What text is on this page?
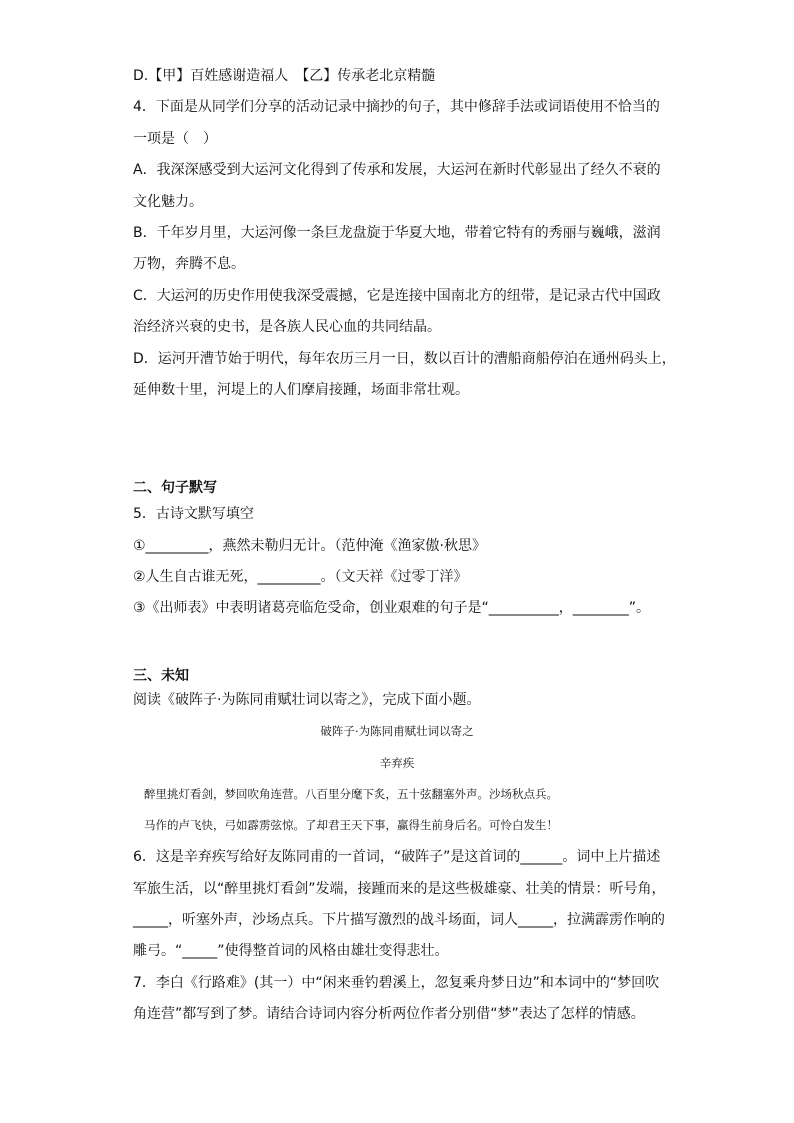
D.【甲】百姓感谢造福人　【乙】传承老北京精髓
4．下面是从同学们分享的活动记录中摘抄的句子，其中修辞手法或词语使用不恰当的
一项是（　）
A．我深深感受到大运河文化得到了传承和发展，大运河在新时代彰显出了经久不衰的
文化魅力。
B．千年岁月里，大运河像一条巨龙盘旋于华夏大地，带着它特有的秀丽与巍峨，滋润
万物，奔腾不息。
C．大运河的历史作用使我深受震撼，它是连接中国南北方的纽带，是记录古代中国政
治经济兴衰的史书，是各族人民心血的共同结晶。
D．运河开漕节始于明代，每年农历三月一日，数以百计的漕船商船停泊在通州码头上，
延伸数十里，河堤上的人们摩肩接踵，场面非常壮观。
二、句子默写
5．古诗文默写填空
①_________，燕然未勒归无计。（范仲淹《渔家傲·秋思》
②人生自古谁无死，_________。（文天祥《过零丁洋》
③《出师表》中表明诸葛亮临危受命，创业艰难的句子是“__________，________”。
三、未知
阅读《破阵子·为陈同甫赋壮词以寄之》，完成下面小题。
破阵子·为陈同甫赋壮词以寄之
辛弃疾
醉里挑灯看剑，梦回吹角连营。八百里分麾下炙，五十弦翻塞外声。沙场秋点兵。
马作的卢飞快，弓如霹雳弦惊。了却君王天下事，赢得生前身后名。可怜白发生！
6．这是辛弃疾写给好友陈同甫的一首词，“破阵子”是这首词的______。词中上片描述
军旅生活，以“醉里挑灯看剑”发端，接踵而来的是这些极雄豪、壮美的情景：听号角，
_____，听塞外声，沙场点兵。下片描写激烈的战斗场面，词人_____，拉满霹雳作响的
雕弓。“_____”使得整首词的风格由雄壮变得悲壮。
7．李白《行路难》(其一）中“闲来垂钓碧溪上，忽复乘舟梦日边”和本词中的“梦回吹
角连营”都写到了梦。请结合诗词内容分析两位作者分别借“梦”表达了怎样的情感。
